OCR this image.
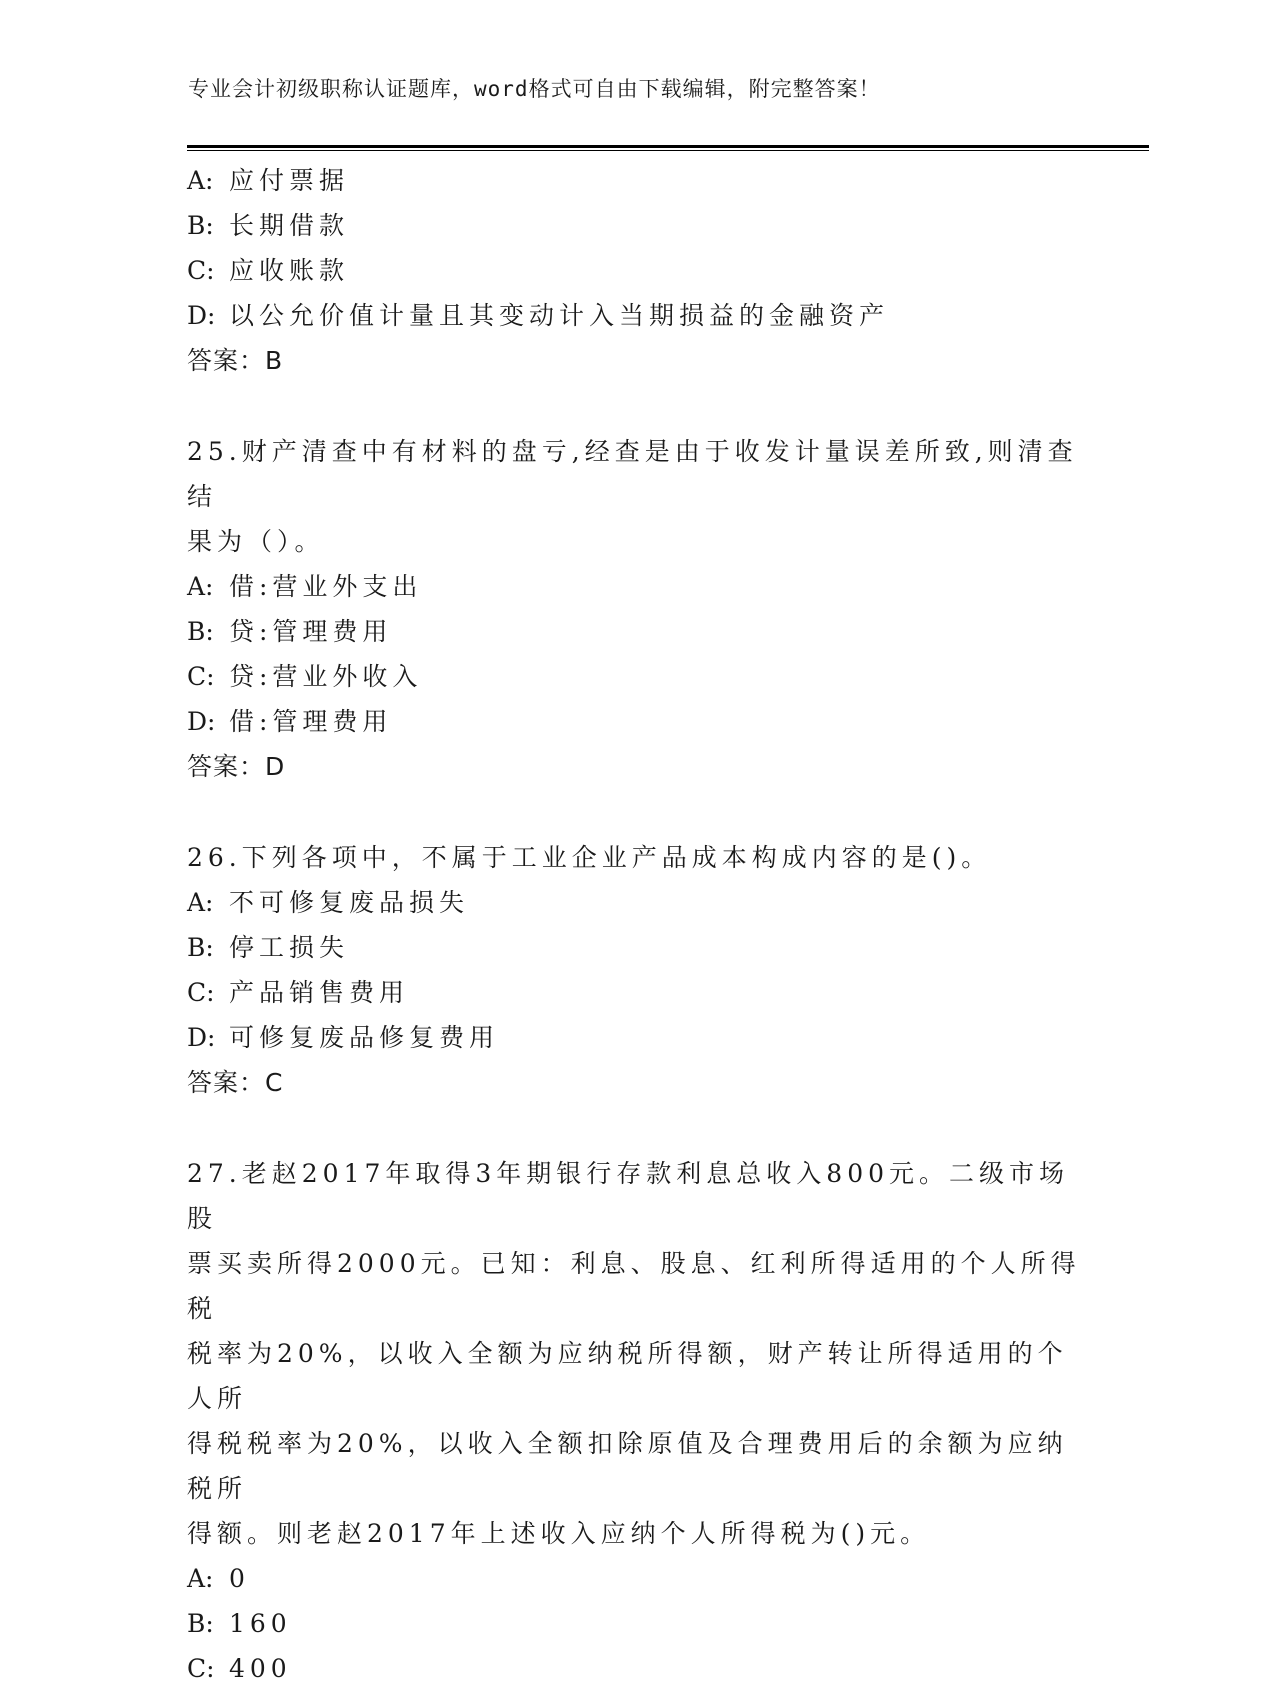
专业会计初级职称认证题库，word格式可自由下载编辑，附完整答案！
A: 应付票据
B: 长期借款
C: 应收账款
D: 以公允价值计量且其变动计入当期损益的金融资产
答案：B
25.财产清查中有材料的盘亏,经查是由于收发计量误差所致,则清查结
果为（）。
A: 借:营业外支出
B: 贷:管理费用
C: 贷:营业外收入
D: 借:管理费用
答案：D
26.下列各项中，不属于工业企业产品成本构成内容的是()。
A: 不可修复废品损失
B: 停工损失
C: 产品销售费用
D: 可修复废品修复费用
答案：C
27.老赵2017年取得3年期银行存款利息总收入800元。二级市场股
票买卖所得2000元。已知：利息、股息、红利所得适用的个人所得税
税率为20%，以收入全额为应纳税所得额，财产转让所得适用的个人所
得税税率为20%，以收入全额扣除原值及合理费用后的余额为应纳税所
得额。则老赵2017年上述收入应纳个人所得税为()元。
A: 0
B: 160
C: 400
